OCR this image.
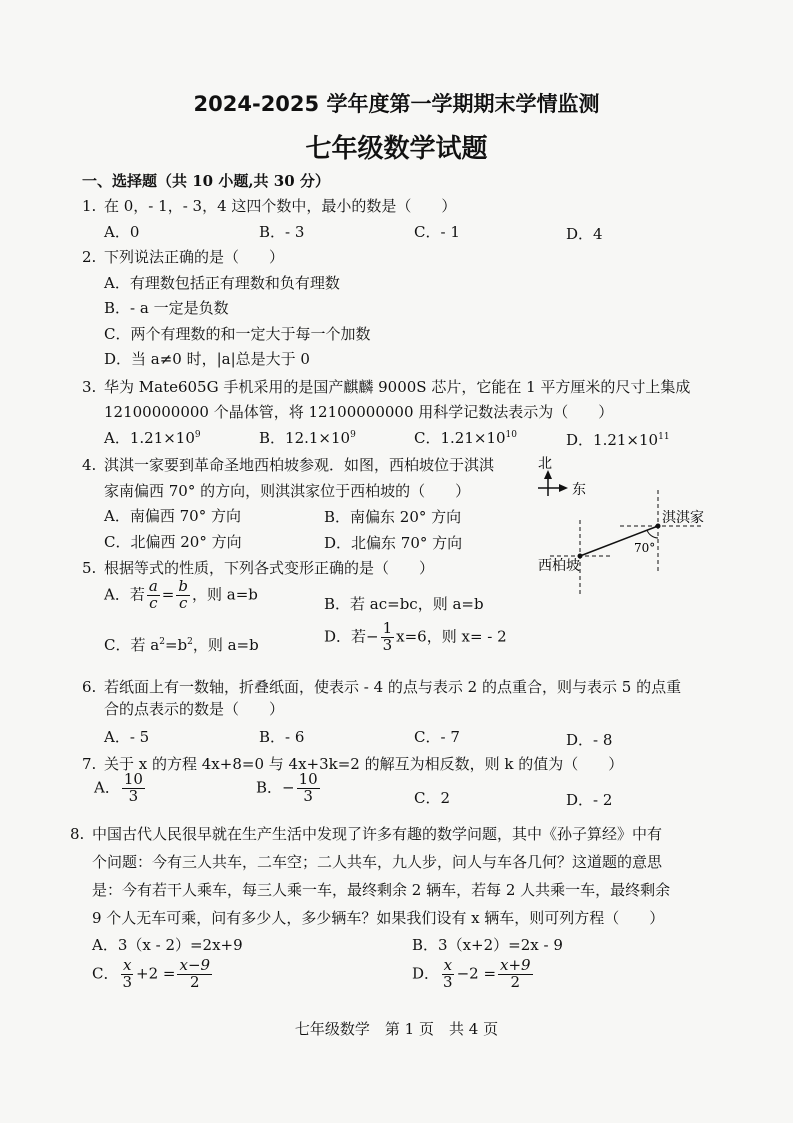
2024-2025 学年度第一学期期末学情监测
七年级数学试题
一、选择题（共 10 小题,共 30 分）
1. 在 0，- 1，- 3，4 这四个数中，最小的数是（　　）
A．0	B．- 3	C．- 1	D．4
2. 下列说法正确的是（　　）
A．有理数包括正有理数和负有理数
B．- a 一定是负数
C．两个有理数的和一定大于每一个加数
D．当 a≠0 时，|a|总是大于 0
3. 华为 Mate605G 手机采用的是国产麒麟 9000S 芯片，它能在 1 平方厘米的尺寸上集成
12100000000 个晶体管，将 12100000000 用科学记数法表示为（　　）
A．$1.21\times 10^9$	B．$12.1\times 10^9$	C．$1.21\times 10^{10}$	D．$1.21\times 10^{11}$
4. 淇淇一家要到革命圣地西柏坡参观．如图，西柏坡位于淇淇
家南偏西 70° 的方向，则淇淇家位于西柏坡的（　　）
A．南偏西 70° 方向	B．南偏东 20° 方向
C．北偏西 20° 方向	D．北偏东 70° 方向
北
东
70°
淇淇家
西柏坡
5. 根据等式的性质，下列各式变形正确的是（　　）
A．若 $\frac{a}{c} = \frac{b}{c}$ ，则 a=b
B．若 ac=bc，则 a=b
C．若 $a^2=b^2$，则 a=b	D．若− $\frac{1}{3} x=6$，则 x= - 2
6. 若纸面上有一数轴，折叠纸面，使表示 - 4 的点与表示 2 的点重合，则与表示 5 的点重
合的点表示的数是（　　）
A．- 5	B．- 6	C．- 7	D．- 8
7. 关于 x 的方程 4x+8=0 与 4x+3k=2 的解互为相反数，则 k 的值为（　　）
A． $\frac{10}{3}$	B．− $\frac{10}{3}$	C．2	D．- 2
8. 中国古代人民很早就在生产生活中发现了许多有趣的数学问题，其中《孙子算经》中有
个问题：今有三人共车，二车空；二人共车，九人步，问人与车各几何？这道题的意思
是：今有若干人乘车，每三人乘一车，最终剩余 2 辆车，若每 2 人共乘一车，最终剩余
9 个人无车可乘，问有多少人，多少辆车？如果我们设有 x 辆车，则可列方程（　　）
A．3（x - 2）=2x+9	B．3（x+2）=2x - 9
C． $\frac{x}{3} +2 = \frac{x-9}{2}$	D． $\frac{x}{3} -2 = \frac{x+9}{2}$
七年级数学　第 1 页　共 4 页
